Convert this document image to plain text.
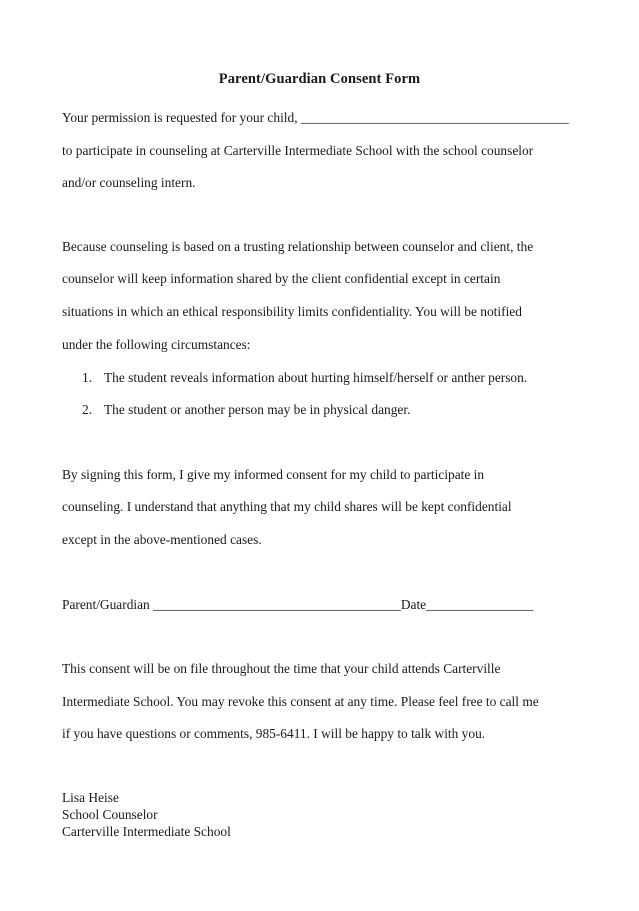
Parent/Guardian Consent Form
Your permission is requested for your child, ________________________________________
to participate in counseling at Carterville Intermediate School with the school counselor
and/or counseling intern.
Because counseling is based on a trusting relationship between counselor and client, the
counselor will keep information shared by the client confidential except in certain
situations in which an ethical responsibility limits confidentiality. You will be notified
under the following circumstances:
1. The student reveals information about hurting himself/herself or anther person.
2. The student or another person may be in physical danger.
By signing this form, I give my informed consent for my child to participate in
counseling. I understand that anything that my child shares will be kept confidential
except in the above-mentioned cases.
Parent/Guardian _____________________________________Date________________
This consent will be on file throughout the time that your child attends Carterville
Intermediate School. You may revoke this consent at any time. Please feel free to call me
if you have questions or comments, 985-6411. I will be happy to talk with you.
Lisa Heise
School Counselor
Carterville Intermediate School
